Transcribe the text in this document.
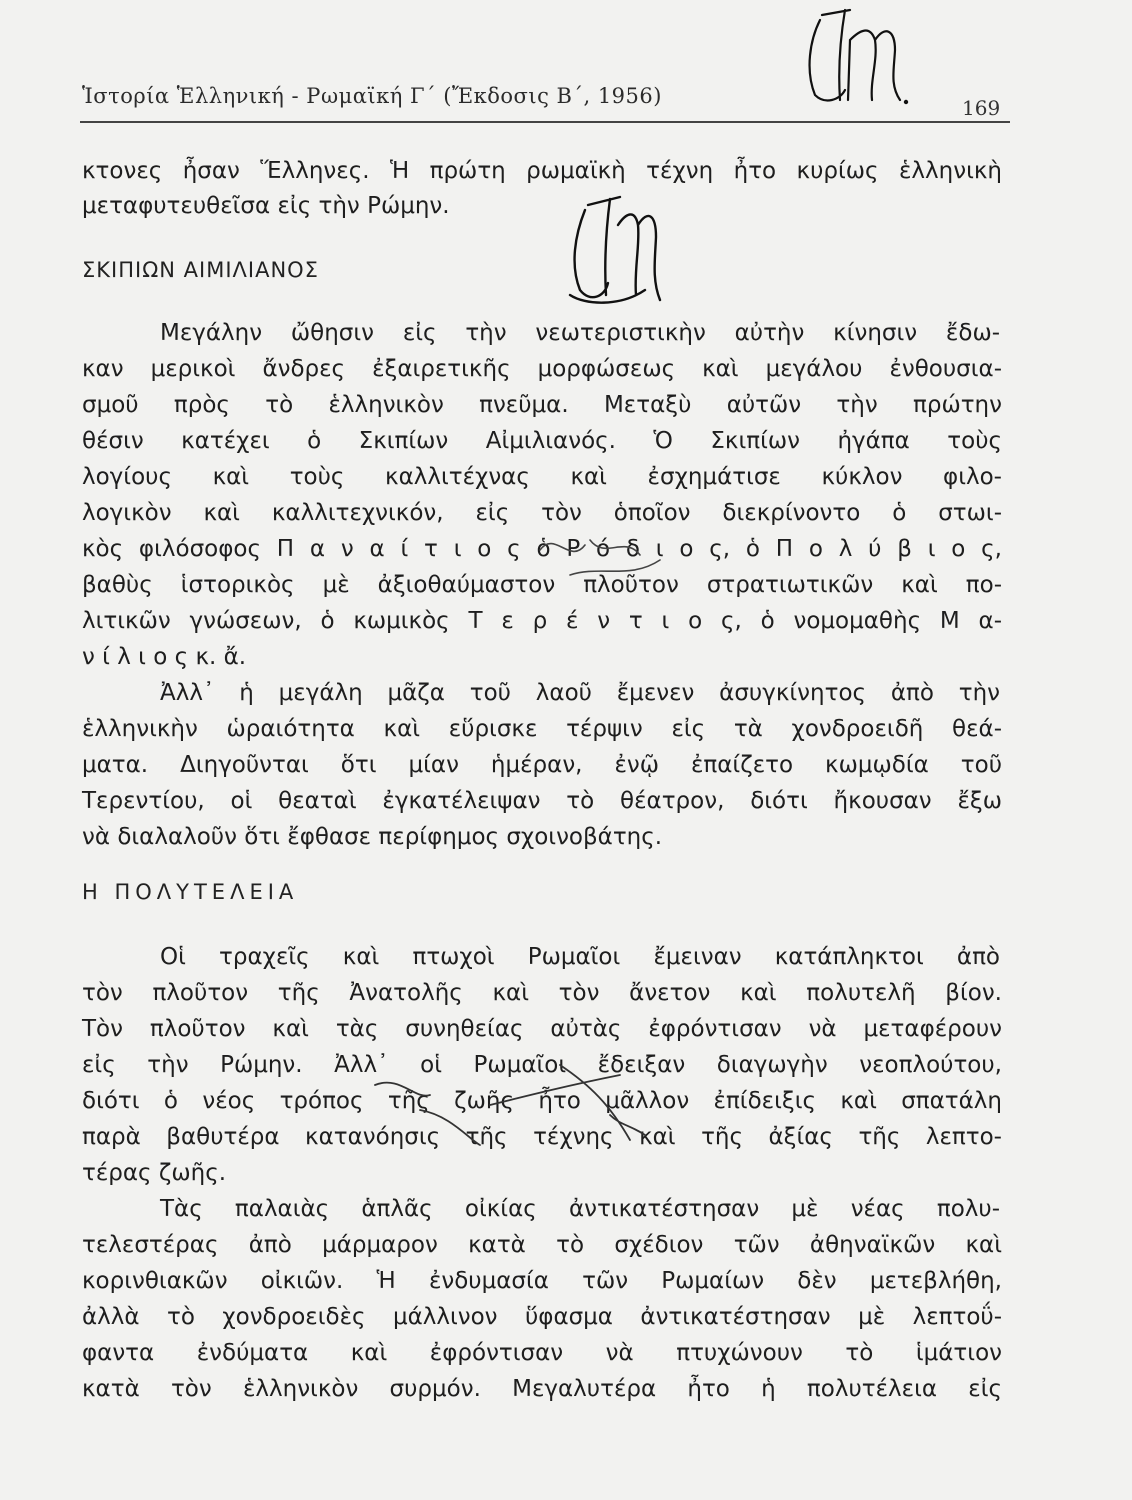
Ἱστορία Ἑλληνική - Ρωμαϊκή Γ΄ (Ἔκδοσις Β΄, 1956)	169
κτονες ἦσαν Ἕλληνες. Ἡ πρώτη ρωμαϊκὴ τέχνη ἦτο κυρίως ἑλληνικὴ
μεταφυτευθεῖσα εἰς τὴν Ρώμην.
ΣΚΙΠΙΩΝ ΑΙΜΙΛΙΑΝΟΣ
Μεγάλην ὤθησιν εἰς τὴν νεωτεριστικὴν αὐτὴν κίνησιν ἔδω-
καν μερικοὶ ἄνδρες ἐξαιρετικῆς μορφώσεως καὶ μεγάλου ἐνθουσια-
σμοῦ πρὸς τὸ ἑλληνικὸν πνεῦμα. Μεταξὺ αὐτῶν τὴν πρώτην
θέσιν κατέχει ὁ Σκιπίων Αἰμιλιανός. Ὁ Σκιπίων ἠγάπα τοὺς
λογίους καὶ τοὺς καλλιτέχνας καὶ ἐσχημάτισε κύκλον φιλο-
λογικὸν καὶ καλλιτεχνικόν, εἰς τὸν ὁποῖον διεκρίνοντο ὁ στωι-
κὸς φιλόσοφος Π α ν α ί τ ι ο ς ὁ Ρ ό δ ι ο ς, ὁ Π ο λ ύ β ι ο ς,
βαθὺς ἱστορικὸς μὲ ἀξιοθαύμαστον πλοῦτον στρατιωτικῶν καὶ πο-
λιτικῶν γνώσεων, ὁ κωμικὸς Τ ε ρ έ ν τ ι ο ς, ὁ νομομαθὴς Μ α-
ν ί λ ι ο ς κ. ἄ.
Ἀλλ᾽ ἡ μεγάλη μᾶζα τοῦ λαοῦ ἔμενεν ἀσυγκίνητος ἀπὸ τὴν
ἑλληνικὴν ὡραιότητα καὶ εὕρισκε τέρψιν εἰς τὰ χονδροειδῆ θεά-
ματα. Διηγοῦνται ὅτι μίαν ἡμέραν, ἐνῷ ἐπαίζετο κωμῳδία τοῦ
Τερεντίου, οἱ θεαταὶ ἐγκατέλειψαν τὸ θέατρον, διότι ἤκουσαν ἔξω
νὰ διαλαλοῦν ὅτι ἔφθασε περίφημος σχοινοβάτης.
Η ΠΟΛΥΤΕΛΕΙΑ
Οἱ τραχεῖς καὶ πτωχοὶ Ρωμαῖοι ἔμειναν κατάπληκτοι ἀπὸ
τὸν πλοῦτον τῆς Ἀνατολῆς καὶ τὸν ἄνετον καὶ πολυτελῆ βίον.
Τὸν πλοῦτον καὶ τὰς συνηθείας αὐτὰς ἐφρόντισαν νὰ μεταφέρουν
εἰς τὴν Ρώμην. Ἀλλ᾽ οἱ Ρωμαῖοι ἔδειξαν διαγωγὴν νεοπλούτου,
διότι ὁ νέος τρόπος τῆς ζωῆς ἦτο μᾶλλον ἐπίδειξις καὶ σπατάλη
παρὰ βαθυτέρα κατανόησις τῆς τέχνης καὶ τῆς ἀξίας τῆς λεπτο-
τέρας ζωῆς.
Τὰς παλαιὰς ἁπλᾶς οἰκίας ἀντικατέστησαν μὲ νέας πολυ-
τελεστέρας ἀπὸ μάρμαρον κατὰ τὸ σχέδιον τῶν ἀθηναϊκῶν καὶ
κορινθιακῶν οἰκιῶν. Ἡ ἐνδυμασία τῶν Ρωμαίων δὲν μετεβλήθη,
ἀλλὰ τὸ χονδροειδὲς μάλλινον ὕφασμα ἀντικατέστησαν μὲ λεπτοΰ-
φαντα ἐνδύματα καὶ ἐφρόντισαν νὰ πτυχώνουν τὸ ἱμάτιον
κατὰ τὸν ἑλληνικὸν συρμόν. Μεγαλυτέρα ἦτο ἡ πολυτέλεια εἰς
